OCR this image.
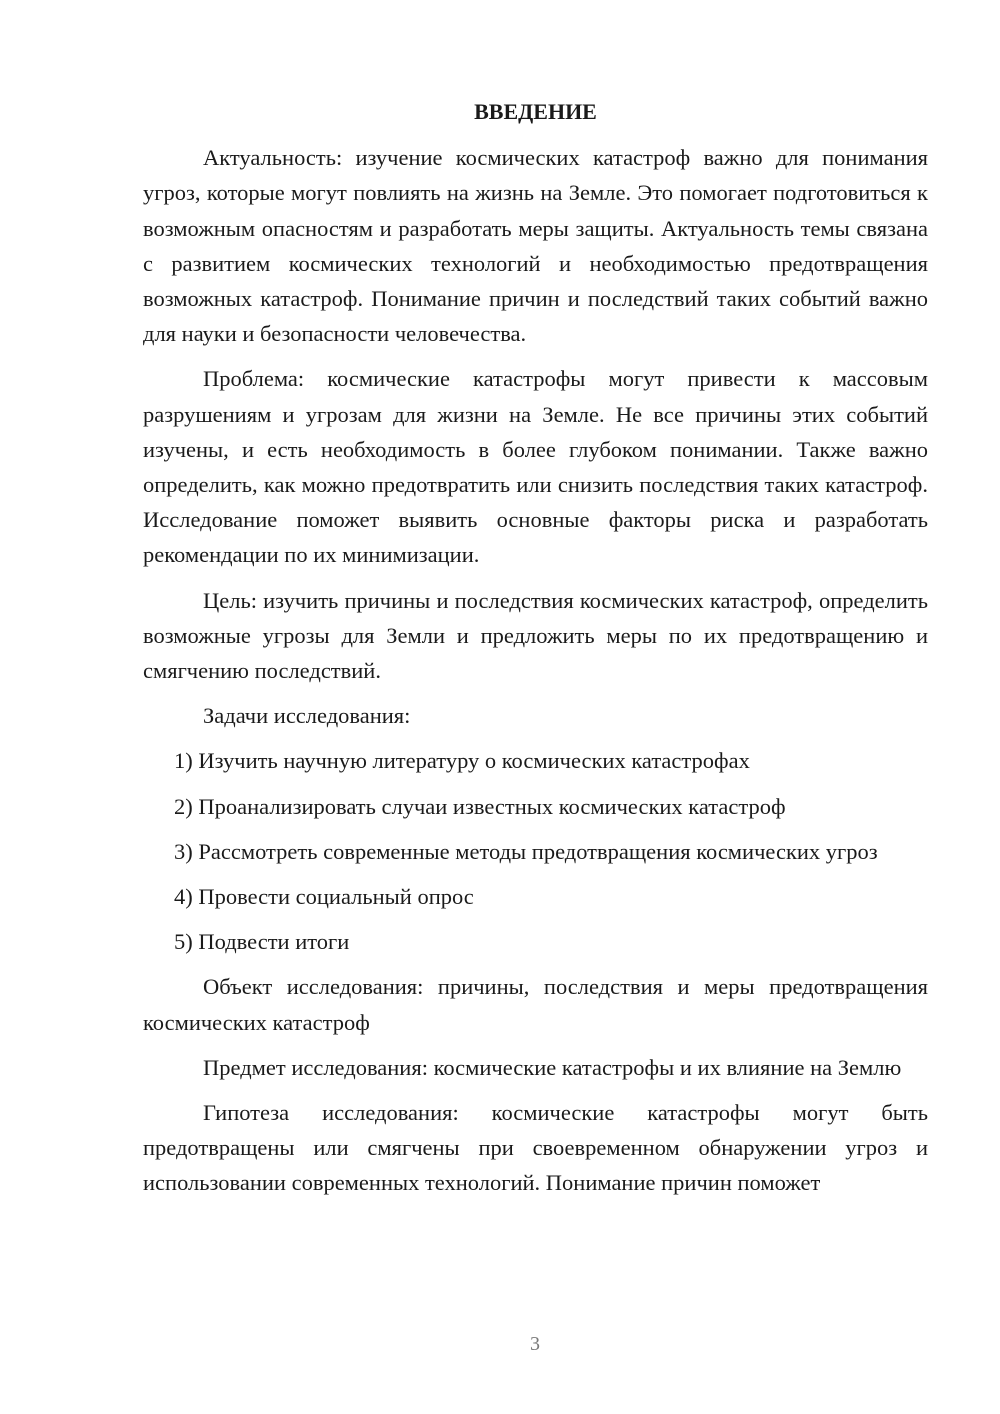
ВВЕДЕНИЕ

Актуальность: изучение космических катастроф важно для понимания угроз, которые могут повлиять на жизнь на Земле. Это помогает подготовиться к возможным опасностям и разработать меры защиты. Актуальность темы связана с развитием космических технологий и необходимостью предотвращения возможных катастроф. Понимание причин и последствий таких событий важно для науки и безопасности человечества.

Проблема: космические катастрофы могут привести к массовым разрушениям и угрозам для жизни на Земле. Не все причины этих событий изучены, и есть необходимость в более глубоком понимании. Также важно определить, как можно предотвратить или снизить последствия таких катастроф. Исследование поможет выявить основные факторы риска и разработать рекомендации по их минимизации.

Цель: изучить причины и последствия космических катастроф, определить возможные угрозы для Земли и предложить меры по их предотвращению и смягчению последствий.

Задачи исследования:

1) Изучить научную литературу о космических катастрофах

2) Проанализировать случаи известных космических катастроф

3) Рассмотреть современные методы предотвращения космических угроз

4) Провести социальный опрос

5) Подвести итоги

Объект исследования: причины, последствия и меры предотвращения космических катастроф

Предмет исследования: космические катастрофы и их влияние на Землю

Гипотеза исследования: космические катастрофы могут быть предотвращены или смягчены при своевременном обнаружении угроз и использовании современных технологий. Понимание причин поможет

3
